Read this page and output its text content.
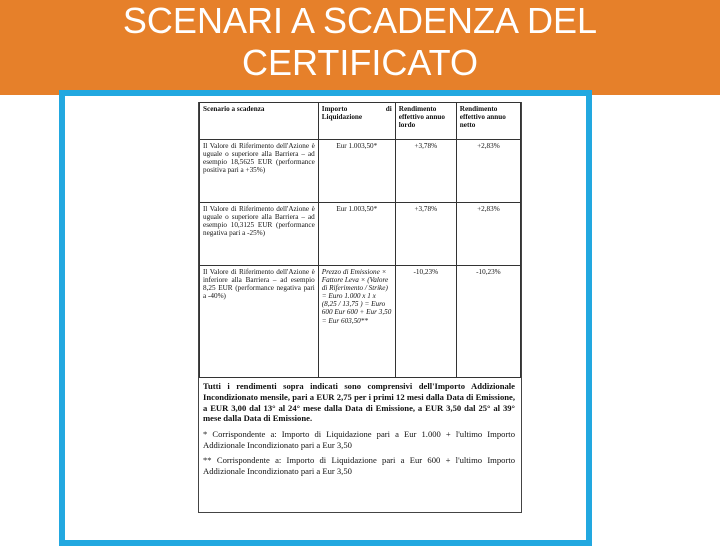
SCENARI A SCADENZA DEL
CERTIFICATO
Scenario a scadenza	Importo di Liquidazione	Rendimento effettivo annuo lordo	Rendimento effettivo annuo netto
Il Valore di Riferimento dell'Azione è uguale o superiore alla Barriera – ad esempio 18,5625 EUR (performance positiva pari a +35%)	Eur 1.003,50*	+3,78%	+2,83%
Il Valore di Riferimento dell'Azione è uguale o superiore alla Barriera – ad esempio 10,3125 EUR (performance negativa pari a -25%)	Eur 1.003,50*	+3,78%	+2,83%
Il Valore di Riferimento dell'Azione è inferiore alla Barriera – ad esempio 8,25 EUR (performance negativa pari a -40%)	Prezzo di Emissione × Fattore Leva × (Valore di Riferimento / Strike) = Euro 1.000 x 1 x (8,25 / 13,75 ) = Euro 600 Eur 600 + Eur 3,50 = Eur 603,50**	-10,23%	-10,23%

Tutti i rendimenti sopra indicati sono comprensivi dell'Importo Addizionale Incondizionato mensile, pari a EUR 2,75 per i primi 12 mesi dalla Data di Emissione, a EUR 3,00 dal 13° al 24° mese dalla Data di Emissione, a EUR 3,50 dal 25° al 39° mese dalla Data di Emissione.

* Corrispondente a: Importo di Liquidazione pari a Eur 1.000 + l'ultimo Importo Addizionale Incondizionato pari a Eur 3,50

** Corrispondente a: Importo di Liquidazione pari a Eur 600 + l'ultimo Importo Addizionale Incondizionato pari a Eur 3,50
